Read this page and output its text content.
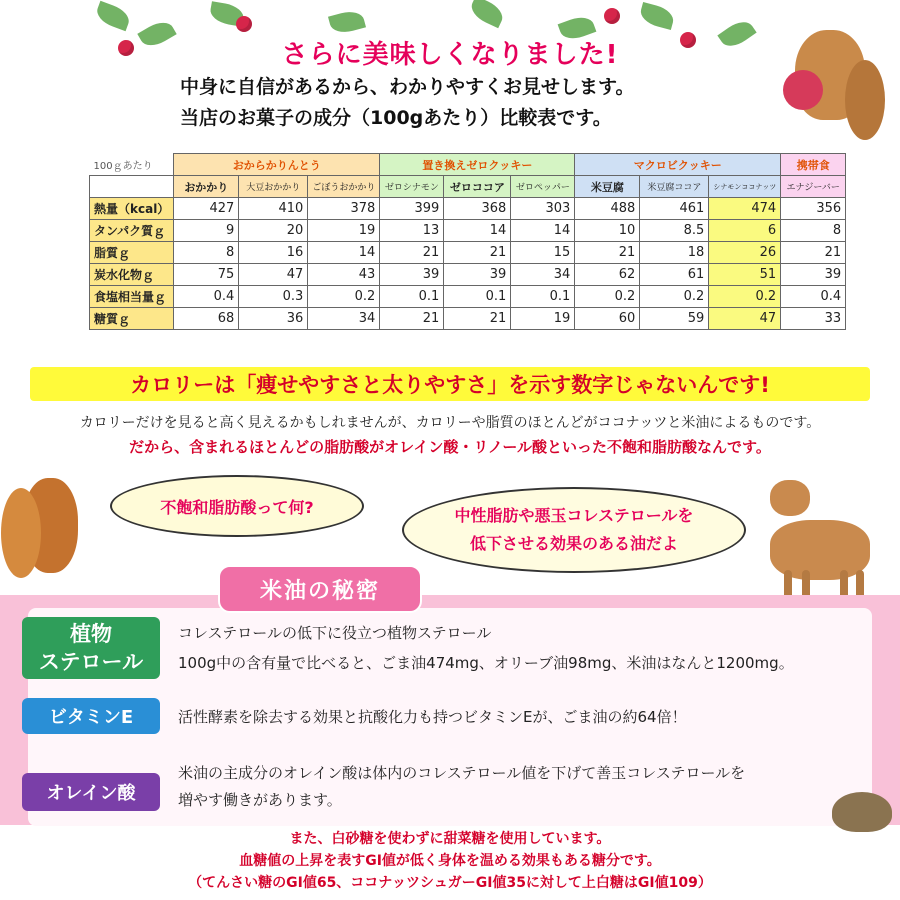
さらに美味しくなりました!
中身に自信があるから、わかりやすくお見せします。
当店のお菓子の成分（100gあたり）比較表です。
100ｇあたり	おからかりんとう			置き換えゼロクッキー			マクロビクッキー			携帯食
	おかかり	大豆おかかり	ごぼうおかかり	ゼロシナモン	ゼロココア	ゼロペッパー	米豆腐	米豆腐ココア	シナモンココナッツ	エナジーバー
熱量（kcal）	427	410	378	399	368	303	488	461	474	356
タンパク質ｇ	9	20	19	13	14	14	10	8.5	6	8
脂質ｇ	8	16	14	21	21	15	21	18	26	21
炭水化物ｇ	75	47	43	39	39	34	62	61	51	39
食塩相当量ｇ	0.4	0.3	0.2	0.1	0.1	0.1	0.2	0.2	0.2	0.4
糖質ｇ	68	36	34	21	21	19	60	59	47	33
カロリーは「痩せやすさと太りやすさ」を示す数字じゃないんです!
カロリーだけを見ると高く見えるかもしれませんが、カロリーや脂質のほとんどがココナッツと米油によるものです。
だから、含まれるほとんどの脂肪酸がオレイン酸・リノール酸といった不飽和脂肪酸なんです。
不飽和脂肪酸って何?	中性脂肪や悪玉コレステロールを
低下させる効果のある油だよ
米油の秘密
植物
ステロール
コレステロールの低下に役立つ植物ステロール
100g中の含有量で比べると、ごま油474mg、オリーブ油98mg、米油はなんと1200mg。
ビタミンE	活性酵素を除去する効果と抗酸化力も持つビタミンEが、ごま油の約64倍！
オレイン酸
米油の主成分のオレイン酸は体内のコレステロール値を下げて善玉コレステロールを
増やす働きがあります。
また、白砂糖を使わずに甜菜糖を使用しています。
血糖値の上昇を表すGI値が低く身体を温める効果もある糖分です。
（てんさい糖のGI値65、ココナッツシュガーGI値35に対して上白糖はGI値109）
